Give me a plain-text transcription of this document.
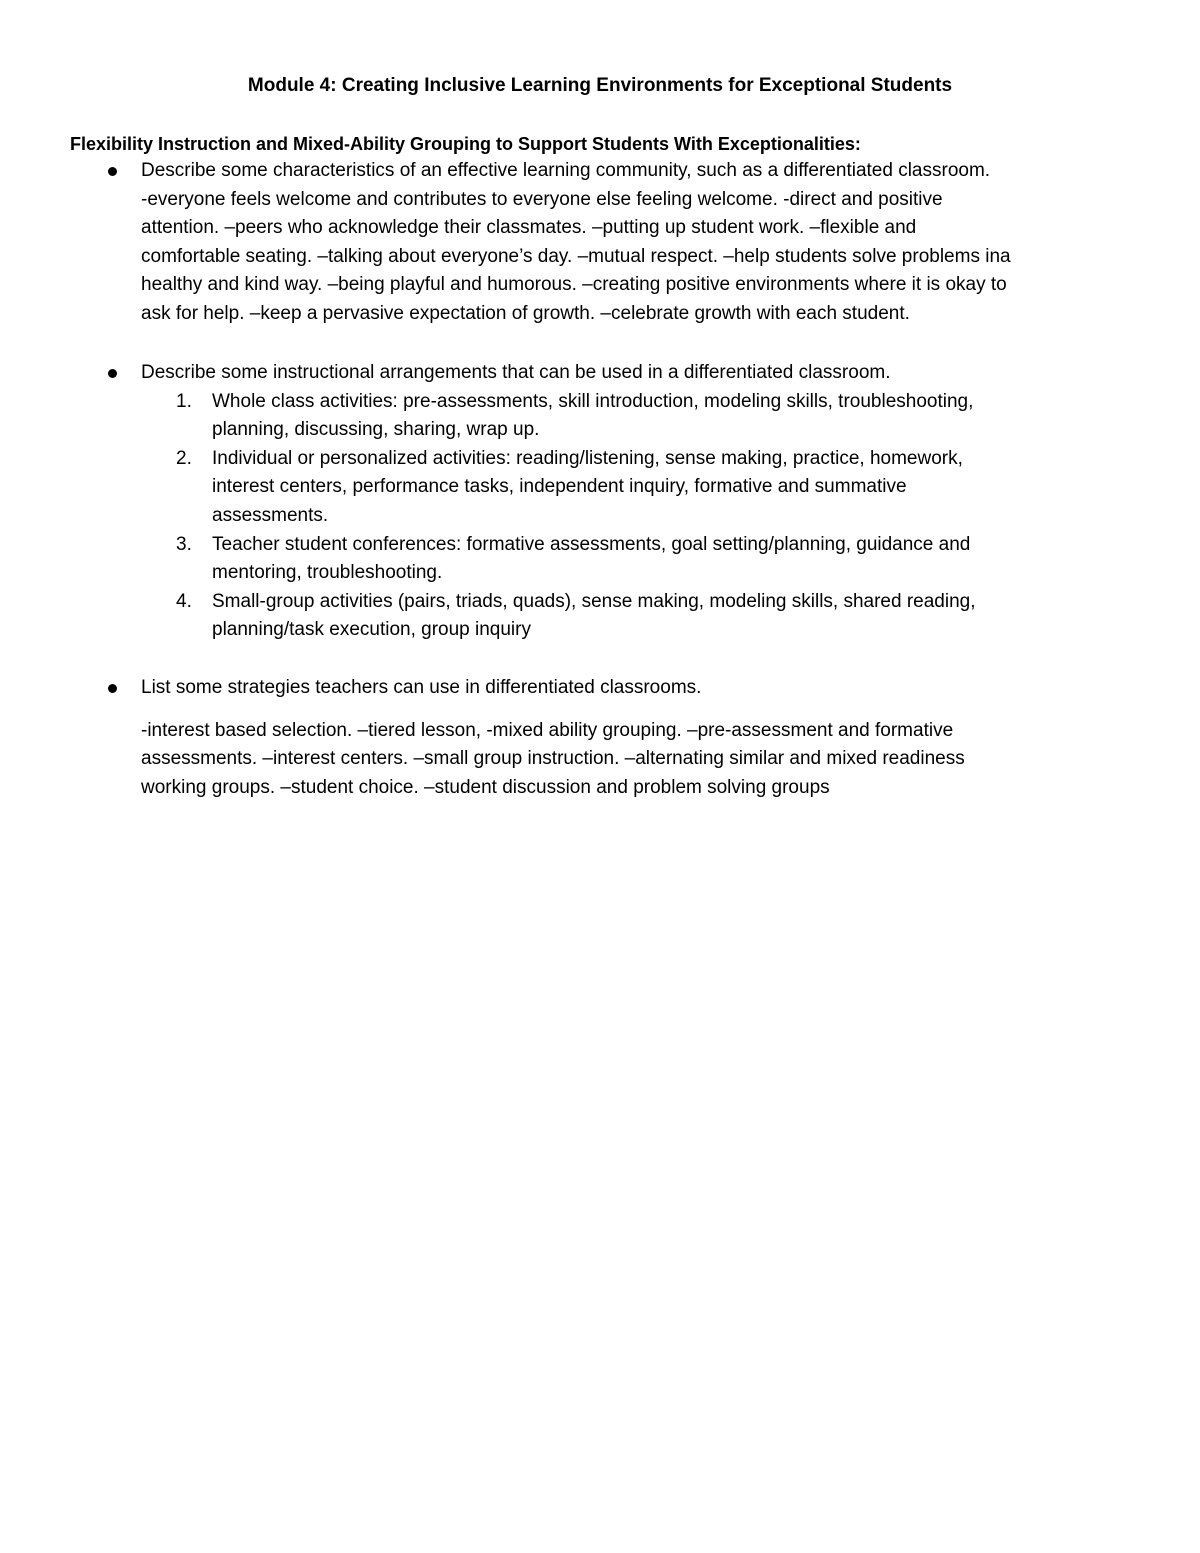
Module 4: Creating Inclusive Learning Environments for Exceptional Students
Flexibility Instruction and Mixed-Ability Grouping to Support Students With Exceptionalities:
Describe some characteristics of an effective learning community, such as a differentiated classroom.
-everyone feels welcome and contributes to everyone else feeling welcome. -direct and positive
attention. –peers who acknowledge their classmates. –putting up student work. –flexible and
comfortable seating. –talking about everyone’s day. –mutual respect. –help students solve problems ina
healthy and kind way. –being playful and humorous. –creating positive environments where it is okay to
ask for help. –keep a pervasive expectation of growth. –celebrate growth with each student.
Describe some instructional arrangements that can be used in a differentiated classroom.
1. Whole class activities: pre-assessments, skill introduction, modeling skills, troubleshooting,
planning, discussing, sharing, wrap up.
2. Individual or personalized activities: reading/listening, sense making, practice, homework,
interest centers, performance tasks, independent inquiry, formative and summative
assessments.
3. Teacher student conferences: formative assessments, goal setting/planning, guidance and
mentoring, troubleshooting.
4. Small-group activities (pairs, triads, quads), sense making, modeling skills, shared reading,
planning/task execution, group inquiry
List some strategies teachers can use in differentiated classrooms.
-interest based selection. –tiered lesson, -mixed ability grouping. –pre-assessment and formative
assessments. –interest centers. –small group instruction. –alternating similar and mixed readiness
working groups. –student choice. –student discussion and problem solving groups
